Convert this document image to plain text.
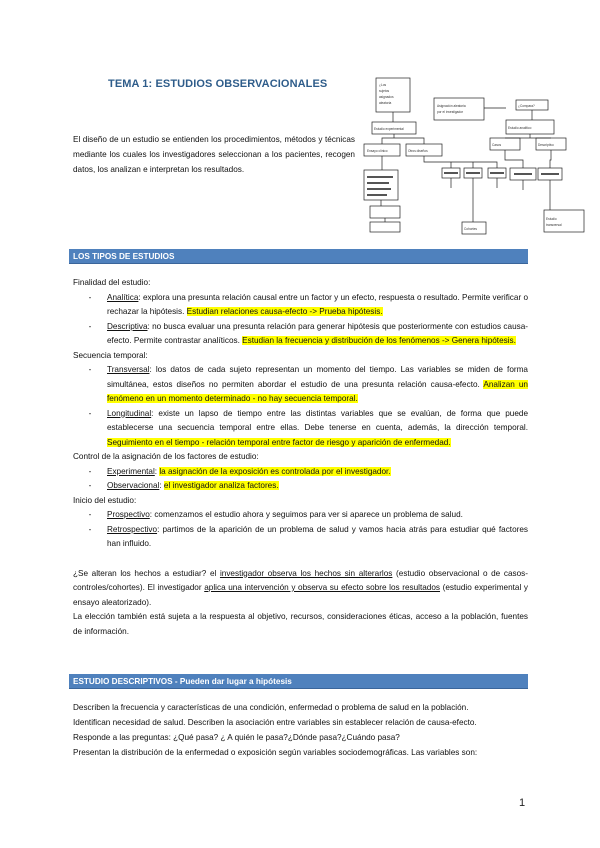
TEMA 1: ESTUDIOS OBSERVACIONALES
El diseño de un estudio se entienden los procedimientos, métodos y técnicas mediante los cuales los investigadores seleccionan a los pacientes, recogen datos, los analizan e interpretan los resultados.
¿Los
sujetos
asignados
aleatoria
Estudio experimental
Asignación aleatoria
por el investigador
¿Compara?
Estudio analítico
Ensayo clínico	Otros diseños
Casos	Descriptivo
Estudio
transversal
Cohortes
LOS TIPOS DE ESTUDIOS

Finalidad del estudio:

-	Analítica: explora una presunta relación causal entre un factor y un efecto, respuesta o resultado. Permite verificar o rechazar la hipótesis. Estudian relaciones causa-efecto -> Prueba hipótesis.
-	Descriptiva: no busca evaluar una presunta relación para generar hipótesis que posteriormente con estudios causa-efecto. Permite contrastar analíticos. Estudian la frecuencia y distribución de los fenómenos -> Genera hipótesis.

Secuencia temporal:

-	Transversal: los datos de cada sujeto representan un momento del tiempo. Las variables se miden de forma simultánea, estos diseños no permiten abordar el estudio de una presunta relación causa-efecto. Analizan un fenómeno en un momento determinado - no hay secuencia temporal.
-	Longitudinal: existe un lapso de tiempo entre las distintas variables que se evalúan, de forma que puede establecerse una secuencia temporal entre ellas. Debe tenerse en cuenta, además, la dirección temporal. Seguimiento en el tiempo - relación temporal entre factor de riesgo y aparición de enfermedad.

Control de la asignación de los factores de estudio:

-	Experimental: la asignación de la exposición es controlada por el investigador.
-	Observacional: el investigador analiza factores.

Inicio del estudio:

-	Prospectivo: comenzamos el estudio ahora y seguimos para ver si aparece un problema de salud.
-	Retrospectivo: partimos de la aparición de un problema de salud y vamos hacia atrás para estudiar qué factores han influido.

¿Se alteran los hechos a estudiar? el investigador observa los hechos sin alterarlos (estudio observacional o de casos- controles/cohortes). El investigador aplica una intervención y observa su efecto sobre los resultados (estudio experimental y ensayo aleatorizado).

La elección también está sujeta a la respuesta al objetivo, recursos, consideraciones éticas, acceso a la población, fuentes de información.

ESTUDIO DESCRIPTIVOS - Pueden dar lugar a hipótesis

Describen la frecuencia y características de una condición, enfermedad o problema de salud en la población.

Identifican necesidad de salud. Describen la asociación entre variables sin establecer relación de causa-efecto.

Responde a las preguntas: ¿Qué pasa? ¿ A quién le pasa?¿Dónde pasa?¿Cuándo pasa?

Presentan la distribución de la enfermedad o exposición según variables sociodemográficas. Las variables son:

1
